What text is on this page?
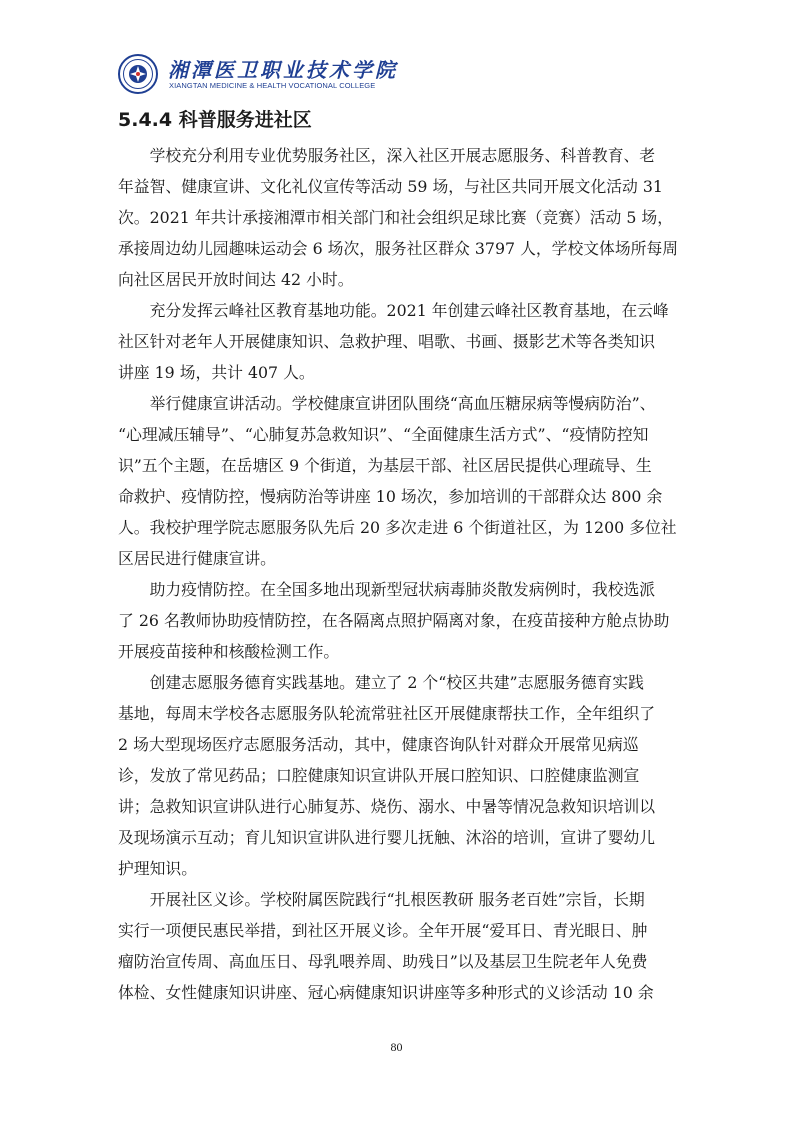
湘潭医卫职业技术学院
XIANGTAN MEDICINE & HEALTH VOCATIONAL COLLEGE
5.4.4 科普服务进社区

学校充分利用专业优势服务社区，深入社区开展志愿服务、科普教育、老
年益智、健康宣讲、文化礼仪宣传等活动 59 场，与社区共同开展文化活动 31
次。2021 年共计承接湘潭市相关部门和社会组织足球比赛（竞赛）活动 5 场，
承接周边幼儿园趣味运动会 6 场次，服务社区群众 3797 人，学校文体场所每周
向社区居民开放时间达 42 小时。

充分发挥云峰社区教育基地功能。2021 年创建云峰社区教育基地，在云峰
社区针对老年人开展健康知识、急救护理、唱歌、书画、摄影艺术等各类知识
讲座 19 场，共计 407 人。

举行健康宣讲活动。学校健康宣讲团队围绕“高血压糖尿病等慢病防治”、
“心理减压辅导”、“心肺复苏急救知识”、“全面健康生活方式”、“疫情防控知
识”五个主题，在岳塘区 9 个街道，为基层干部、社区居民提供心理疏导、生
命救护、疫情防控，慢病防治等讲座 10 场次，参加培训的干部群众达 800 余
人。我校护理学院志愿服务队先后 20 多次走进 6 个街道社区，为 1200 多位社
区居民进行健康宣讲。

助力疫情防控。在全国多地出现新型冠状病毒肺炎散发病例时，我校选派
了 26 名教师协助疫情防控，在各隔离点照护隔离对象，在疫苗接种方舱点协助
开展疫苗接种和核酸检测工作。

创建志愿服务德育实践基地。建立了 2 个“校区共建”志愿服务德育实践
基地，每周末学校各志愿服务队轮流常驻社区开展健康帮扶工作，全年组织了
2 场大型现场医疗志愿服务活动，其中，健康咨询队针对群众开展常见病巡
诊，发放了常见药品；口腔健康知识宣讲队开展口腔知识、口腔健康监测宣
讲；急救知识宣讲队进行心肺复苏、烧伤、溺水、中暑等情况急救知识培训以
及现场演示互动；育儿知识宣讲队进行婴儿抚触、沐浴的培训，宣讲了婴幼儿
护理知识。

开展社区义诊。学校附属医院践行“扎根医教研 服务老百姓”宗旨，长期
实行一项便民惠民举措，到社区开展义诊。全年开展“爱耳日、青光眼日、肿
瘤防治宣传周、高血压日、母乳喂养周、助残日”以及基层卫生院老年人免费
体检、女性健康知识讲座、冠心病健康知识讲座等多种形式的义诊活动 10 余

80
